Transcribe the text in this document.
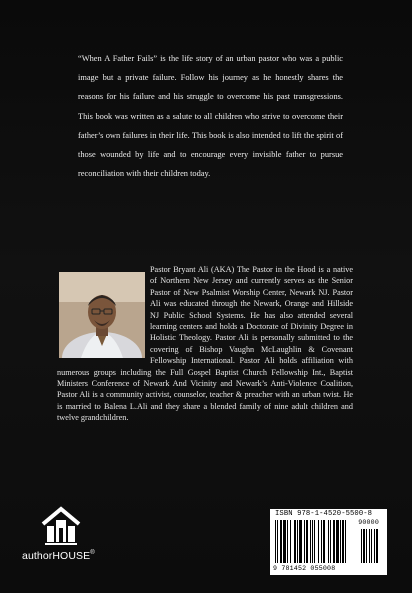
“When A Father Fails” is the life story of an urban pastor who was a public image but a private failure. Follow his journey as he honestly shares the reasons for his failure and his struggle to overcome his past transgressions. This book was written as a salute to all children who strive to overcome their father’s own failures in their life. This book is also intended to lift the spirit of those wounded by life and to encourage every invisible father to pursue reconciliation with their children today.

Pastor Bryant Ali (AKA) The Pastor in the Hood is a native of Northern New Jersey and currently serves as the Senior Pastor of New Psalmist Worship Center, Newark NJ. Pastor Ali was educated through the Newark, Orange and Hillside NJ Public School Systems. He has also attended several learning centers and holds a Doctorate of Divinity Degree in Holistic Theology. Pastor Ali is personally submitted to the covering of Bishop Vaughn McLaughlin & Covenant Fellowship International. Pastor Ali holds affiliation with numerous groups including the Full Gospel Baptist Church Fellowship Int., Baptist Ministers Conference of Newark And Vicinity and Newark’s Anti-Violence Coalition, Pastor Ali is a community activist, counselor, teacher & preacher with an urban twist. He is married to Balena L.Ali and they share a blended family of nine adult children and twelve grandchildren.

authorHOUSE®
ISBN 978-1-4520-5500-8
9 781452 055008
90000
